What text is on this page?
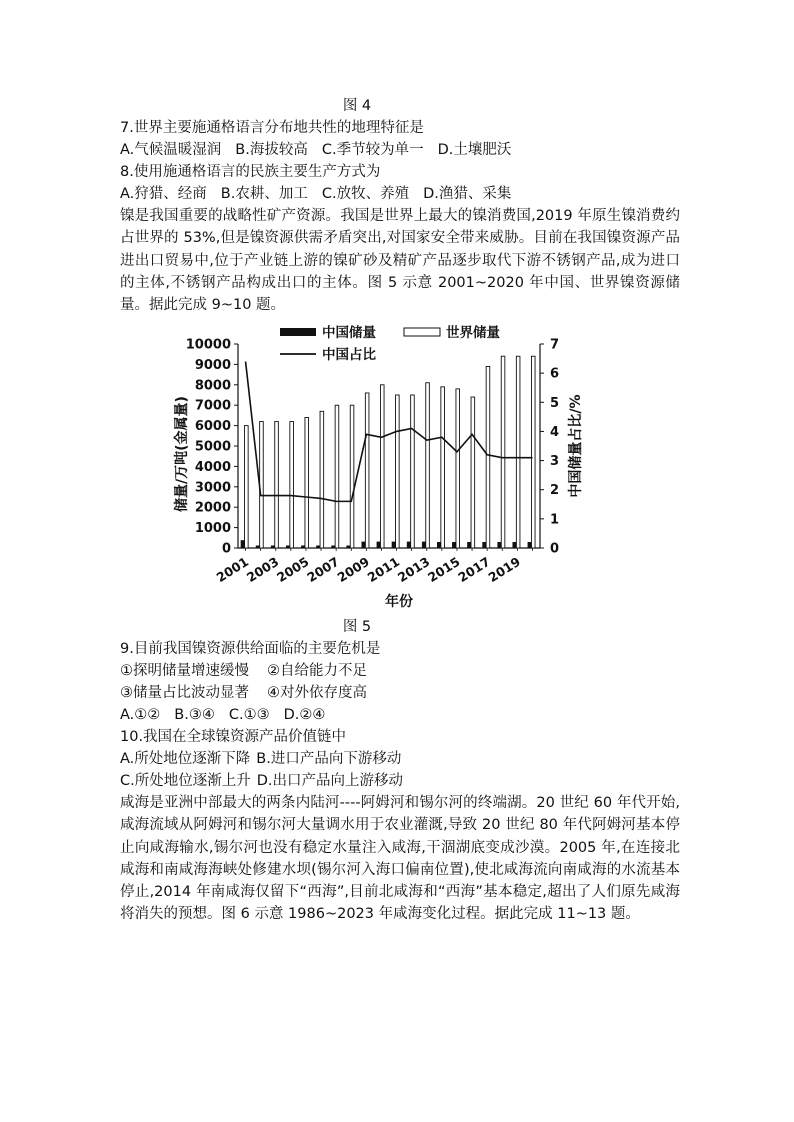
图 4
7.世界主要施通格语言分布地共性的地理特征是
A.气候温暖湿润 B.海拔较高 C.季节较为单一 D.土壤肥沃
8.使用施通格语言的民族主要生产方式为
A.狩猎、经商 B.农耕、加工 C.放牧、养殖 D.渔猎、采集
镍是我国重要的战略性矿产资源。我国是世界上最大的镍消费国,2019 年原生镍消费约占世界的 53%,但是镍资源供需矛盾突出,对国家安全带来威胁。目前在我国镍资源产品进出口贸易中,位于产业链上游的镍矿砂及精矿产品逐步取代下游不锈钢产品,成为进口的主体,不锈钢产品构成出口的主体。图 5 示意 2001~2020 年中国、世界镍资源储量。据此完成 9~10 题。
0
1000
2000
3000
4000
5000
6000
7000
8000
9000
10000
0
1
2
3
4
5
6
7
2001
2003
2005
2007
2009
2011
2013
2015
2017
2019
年份
储量/万吨(金属量)	中国储量占比/%
中国储量	世界储量
中国占比
图 5
9.目前我国镍资源供给面临的主要危机是
①探明储量增速缓慢 ②自给能力不足
③储量占比波动显著 ④对外依存度高
A.①② B.③④ C.①③ D.②④
10.我国在全球镍资源产品价值链中
A.所处地位逐渐下降 B.进口产品向下游移动
C.所处地位逐渐上升 D.出口产品向上游移动
咸海是亚洲中部最大的两条内陆河----阿姆河和锡尔河的终端湖。20 世纪 60 年代开始,咸海流域从阿姆河和锡尔河大量调水用于农业灌溉,导致 20 世纪 80 年代阿姆河基本停止向咸海输水,锡尔河也没有稳定水量注入咸海,干涸湖底变成沙漠。2005 年,在连接北咸海和南咸海海峡处修建水坝(锡尔河入海口偏南位置),使北咸海流向南咸海的水流基本停止,2014 年南咸海仅留下“西海”,目前北咸海和“西海”基本稳定,超出了人们原先咸海将消失的预想。图 6 示意 1986~2023 年咸海变化过程。据此完成 11~13 题。
